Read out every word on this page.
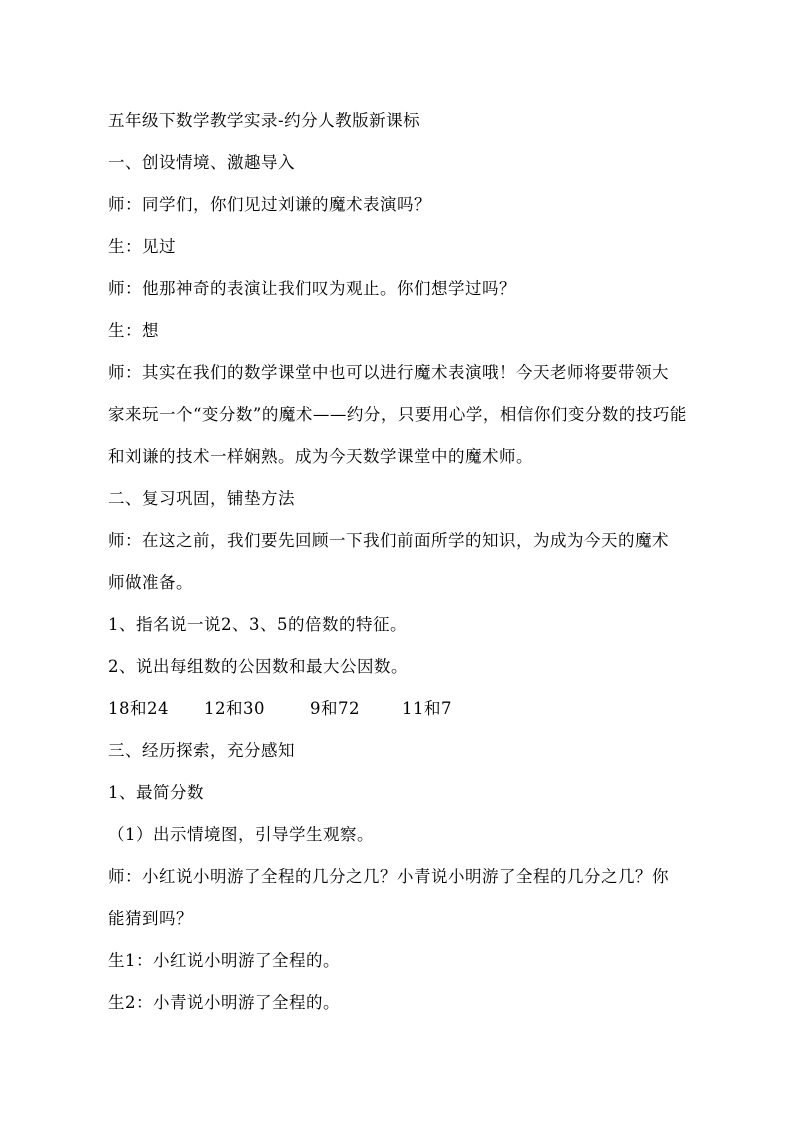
五年级下数学教学实录-约分人教版新课标
一、创设情境、激趣导入
师：同学们，你们见过刘谦的魔术表演吗？
生：见过
师：他那神奇的表演让我们叹为观止。你们想学过吗？
生：想
师：其实在我们的数学课堂中也可以进行魔术表演哦！今天老师将要带领大
家来玩一个“变分数”的魔术——约分，只要用心学，相信你们变分数的技巧能
和刘谦的技术一样娴熟。成为今天数学课堂中的魔术师。
二、复习巩固，铺垫方法
师：在这之前，我们要先回顾一下我们前面所学的知识，为成为今天的魔术
师做准备。
1、指名说一说2、3、5的倍数的特征。
2、说出每组数的公因数和最大公因数。
18和24	12和30	9和72	11和7
三、经历探索，充分感知
1、最简分数
（1）出示情境图，引导学生观察。
师：小红说小明游了全程的几分之几？小青说小明游了全程的几分之几？你
能猜到吗？
生1：小红说小明游了全程的。
生2：小青说小明游了全程的。
